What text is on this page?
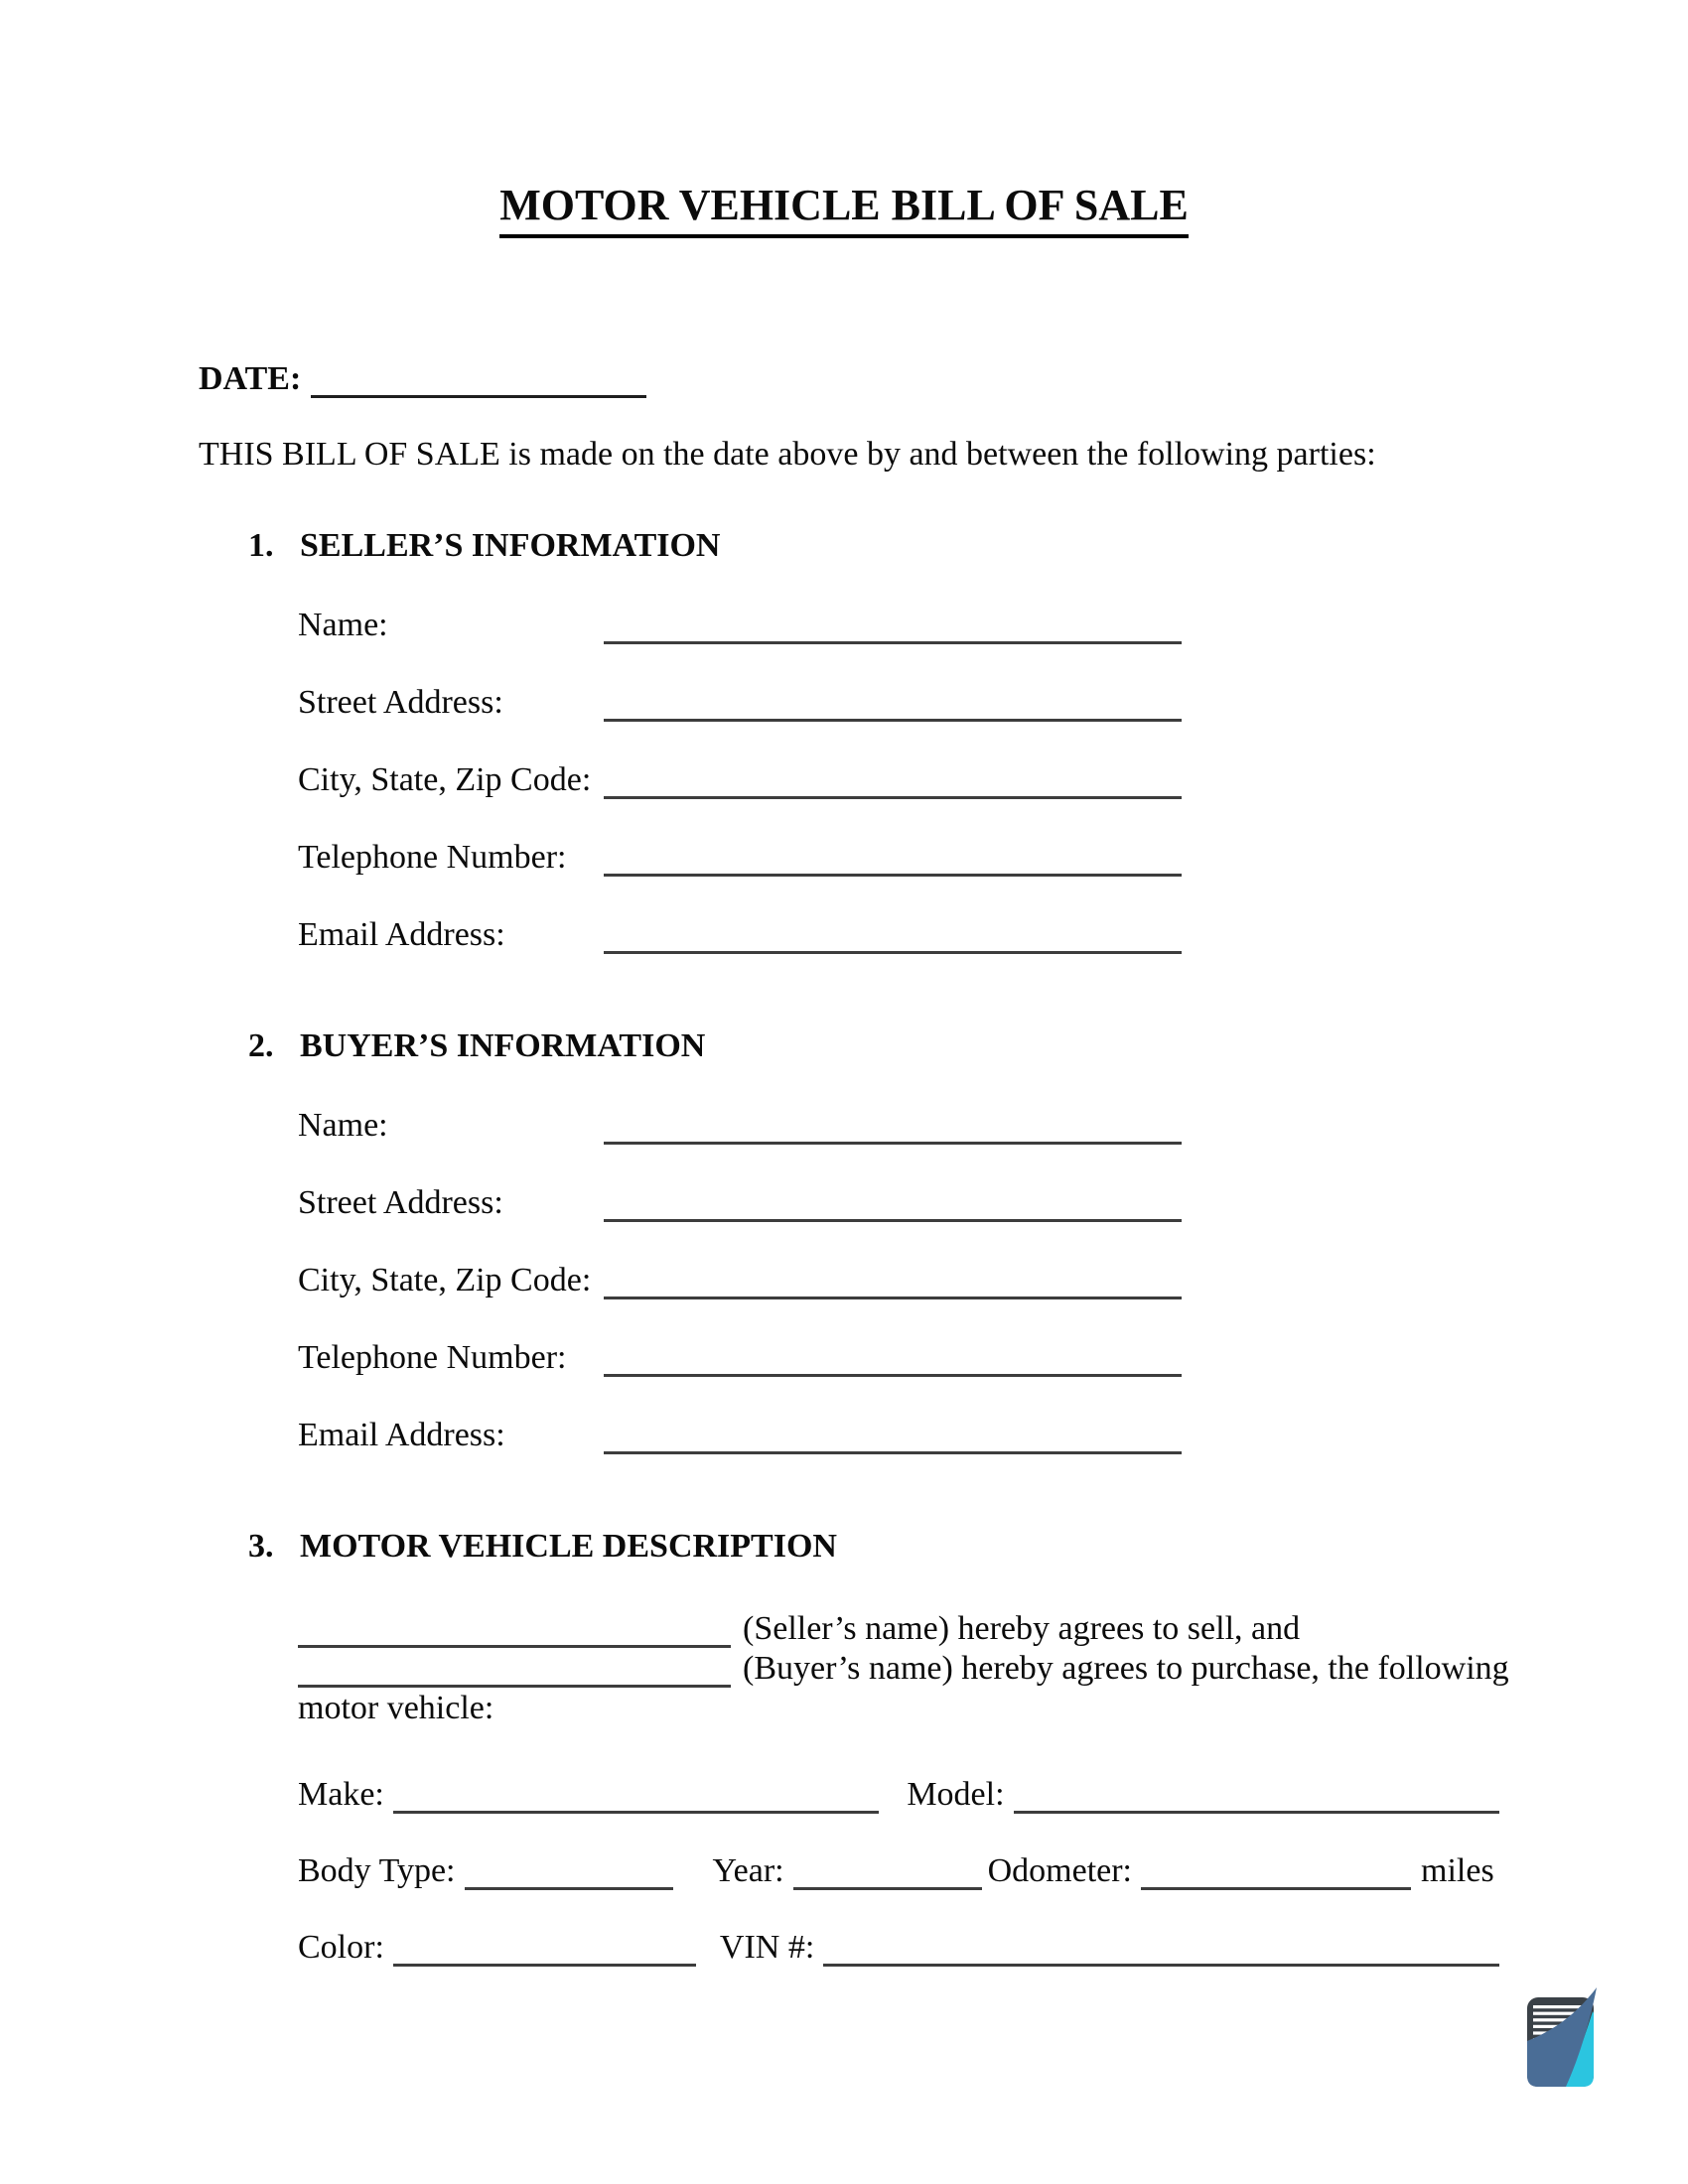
MOTOR VEHICLE BILL OF SALE
DATE:

THIS BILL OF SALE is made on the date above by and between the following parties:

1. SELLER’S INFORMATION
Name:
Street Address:
City, State, Zip Code:
Telephone Number:
Email Address:
2. BUYER’S INFORMATION
Name:
Street Address:
City, State, Zip Code:
Telephone Number:
Email Address:
3. MOTOR VEHICLE DESCRIPTION
(Seller’s name) hereby agrees to sell, and
(Buyer’s name) hereby agrees to purchase, the following
motor vehicle:
Make:	Model:
Body Type:	Year:	Odometer:	miles
Color:	VIN #:
